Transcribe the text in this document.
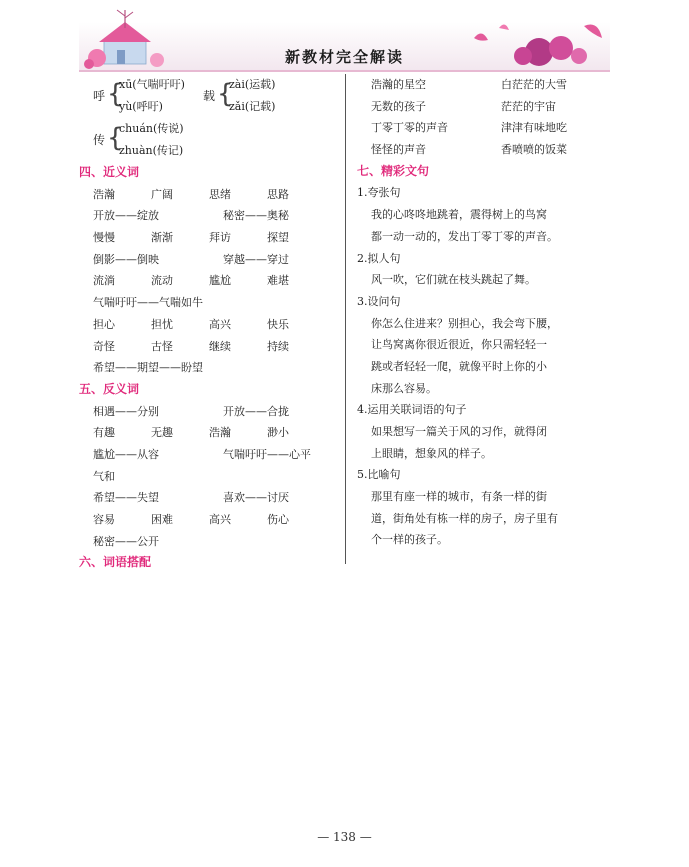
新教材完全解读
呼 {
xū(气喘吁吁)
yù(呼吁)
载 {
zài(运载)
zǎi(记载)
传 {
chuán(传说)
zhuàn(传记)
四、近义词
浩瀚	广阔	思绪	思路
开放——绽放	秘密——奥秘
慢慢	渐渐	拜访	探望
倒影——倒映	穿越——穿过
流淌	流动	尴尬	难堪
气喘吁吁——气喘如牛
担心	担忧	高兴	快乐
奇怪	古怪	继续	持续
希望——期望——盼望
五、反义词
相遇——分别	开放——合拢
有趣	无趣	浩瀚	渺小
尴尬——从容	气喘吁吁——心平
气和
希望——失望	喜欢——讨厌
容易	困难	高兴	伤心
秘密——公开
六、词语搭配
浩瀚的星空	白茫茫的大雪
无数的孩子	茫茫的宇宙
丁零丁零的声音	津津有味地吃
怪怪的声音	香喷喷的饭菜
七、精彩文句
1.夸张句
我的心咚咚地跳着，震得树上的鸟窝
都一动一动的，发出丁零丁零的声音。
2.拟人句
风一吹，它们就在枝头跳起了舞。
3.设问句
你怎么住进来？别担心，我会弯下腰，
让鸟窝离你很近很近，你只需轻轻一
跳或者轻轻一爬，就像平时上你的小
床那么容易。
4.运用关联词语的句子
如果想写一篇关于风的习作，就得闭
上眼睛，想象风的样子。
5.比喻句
那里有座一样的城市，有条一样的街
道，街角处有栋一样的房子，房子里有
个一样的孩子。
— 138 —
